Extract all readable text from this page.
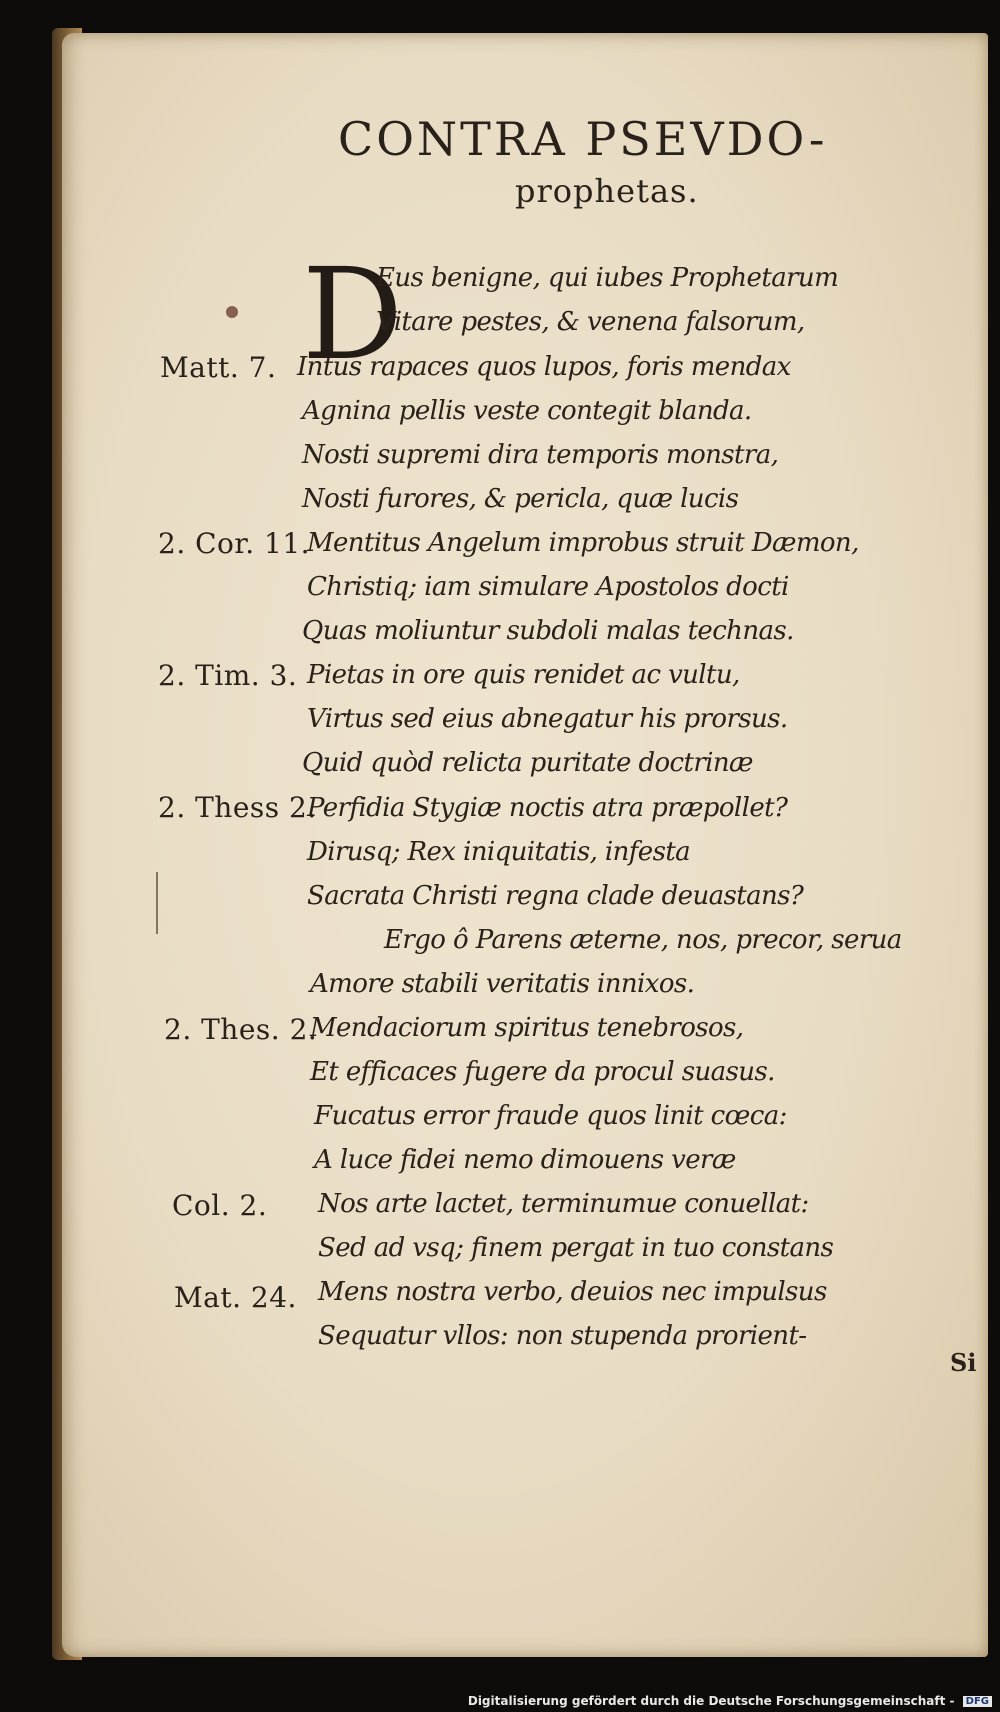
CONTRA PSEVDO-
prophetas.
D
Eus benigne, qui iubes Prophetarum
Vitare pestes, & venena falsorum,
Intus rapaces quos lupos, foris mendax
Agnina pellis veste contegit blanda.
Nosti supremi dira temporis monstra,
Nosti furores, & pericla, quæ lucis
Mentitus Angelum improbus struit Dæmon,
Christiq; iam simulare Apostolos docti
Quas moliuntur subdoli malas technas.
Pietas in ore quis renidet ac vultu,
Virtus sed eius abnegatur his prorsus.
Quid quòd relicta puritate doctrinæ
Perfidia Stygiæ noctis atra præpollet?
Dirusq; Rex iniquitatis, infesta
Sacrata Christi regna clade deuastans?
Ergo ô Parens æterne, nos, precor, serua
Amore stabili veritatis innixos.
Mendaciorum spiritus tenebrosos,
Et efficaces fugere da procul suasus.
Fucatus error fraude quos linit cœca:
A luce fidei nemo dimouens veræ
Nos arte lactet, terminumue conuellat:
Sed ad vsq; finem pergat in tuo constans
Mens nostra verbo, deuios nec impulsus
Sequatur vllos: non stupenda prorient-
Matt. 7.
2. Cor. 11.
2. Tim. 3.
2. Thess 2.
2. Thes. 2.
Col. 2.
Mat. 24.
Si
Digitalisierung gefördert durch die Deutsche Forschungsgemeinschaft - DFG
